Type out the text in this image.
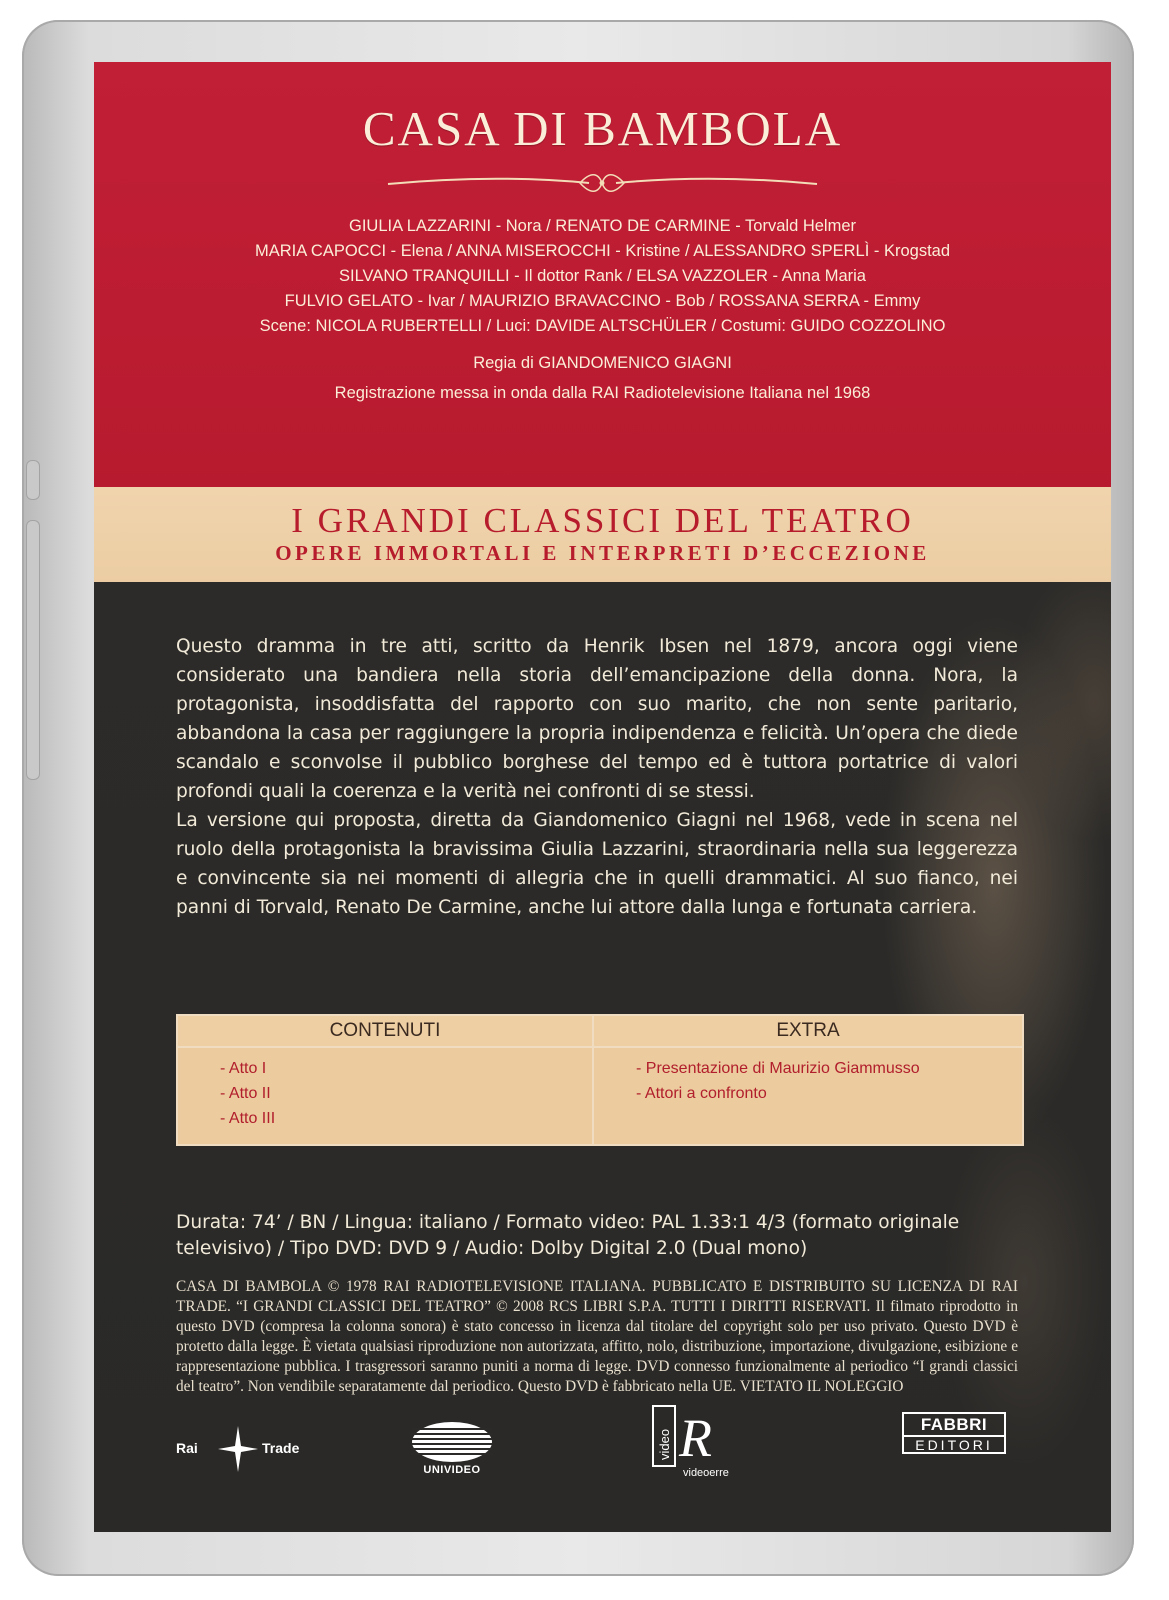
CASA DI BAMBOLA
GIULIA LAZZARINI - Nora / RENATO DE CARMINE - Torvald Helmer
MARIA CAPOCCI - Elena / ANNA MISEROCCHI - Kristine / ALESSANDRO SPERLÌ - Krogstad
SILVANO TRANQUILLI - Il dottor Rank / ELSA VAZZOLER - Anna Maria
FULVIO GELATO - Ivar / MAURIZIO BRAVACCINO - Bob / ROSSANA SERRA - Emmy
Scene: NICOLA RUBERTELLI / Luci: DAVIDE ALTSCHÜLER / Costumi: GUIDO COZZOLINO
Regia di GIANDOMENICO GIAGNI
Registrazione messa in onda dalla RAI Radiotelevisione Italiana nel 1968
I GRANDI CLASSICI DEL TEATRO
OPERE IMMORTALI E INTERPRETI D’ECCEZIONE

Questo dramma in tre atti, scritto da Henrik Ibsen nel 1879, ancora oggi viene considerato una bandiera nella storia dell’emancipazione della donna. Nora, la protagonista, insoddisfatta del rapporto con suo marito, che non sente paritario, abbandona la casa per raggiungere la propria indipendenza e felicità. Un’opera che diede scandalo e sconvolse il pubblico borghese del tempo ed è tuttora portatrice di valori profondi quali la coerenza e la verità nei confronti di se stessi.

La versione qui proposta, diretta da Giandomenico Giagni nel 1968, vede in scena nel ruolo della protagonista la bravissima Giulia Lazzarini, straordinaria nella sua leggerezza e convincente sia nei momenti di allegria che in quelli drammatici. Al suo fianco, nei panni di Torvald, Renato De Carmine, anche lui attore dalla lunga e fortunata carriera.

CONTENUTI
- Atto I
- Atto II
- Atto III
EXTRA
- Presentazione di Maurizio Giammusso
- Attori a confronto
Durata: 74’ / BN / Lingua: italiano / Formato video: PAL 1.33:1 4/3 (formato originale televisivo) / Tipo DVD: DVD 9 / Audio: Dolby Digital 2.0 (Dual mono)
CASA DI BAMBOLA © 1978 RAI RADIOTELEVISIONE ITALIANA. PUBBLICATO E DISTRIBUITO SU LICENZA DI RAI TRADE. “I GRANDI CLASSICI DEL TEATRO” © 2008 RCS LIBRI S.P.A. TUTTI I DIRITTI RISERVATI. Il filmato riprodotto in questo DVD (compresa la colonna sonora) è stato concesso in licenza dal titolare del copyright solo per uso privato. Questo DVD è protetto dalla legge. È vietata qualsiasi riproduzione non autorizzata, affitto, nolo, distribuzione, importazione, divulgazione, esibizione e rappresentazione pubblica. I trasgressori saranno puniti a norma di legge. DVD connesso funzionalmente al periodico “I grandi classici del teatro”. Non vendibile separatamente dal periodico. Questo DVD è fabbricato nella UE. VIETATO IL NOLEGGIO
Rai	Trade
UNIVIDEO
video R
videoerre
FABBRI
EDITORI
